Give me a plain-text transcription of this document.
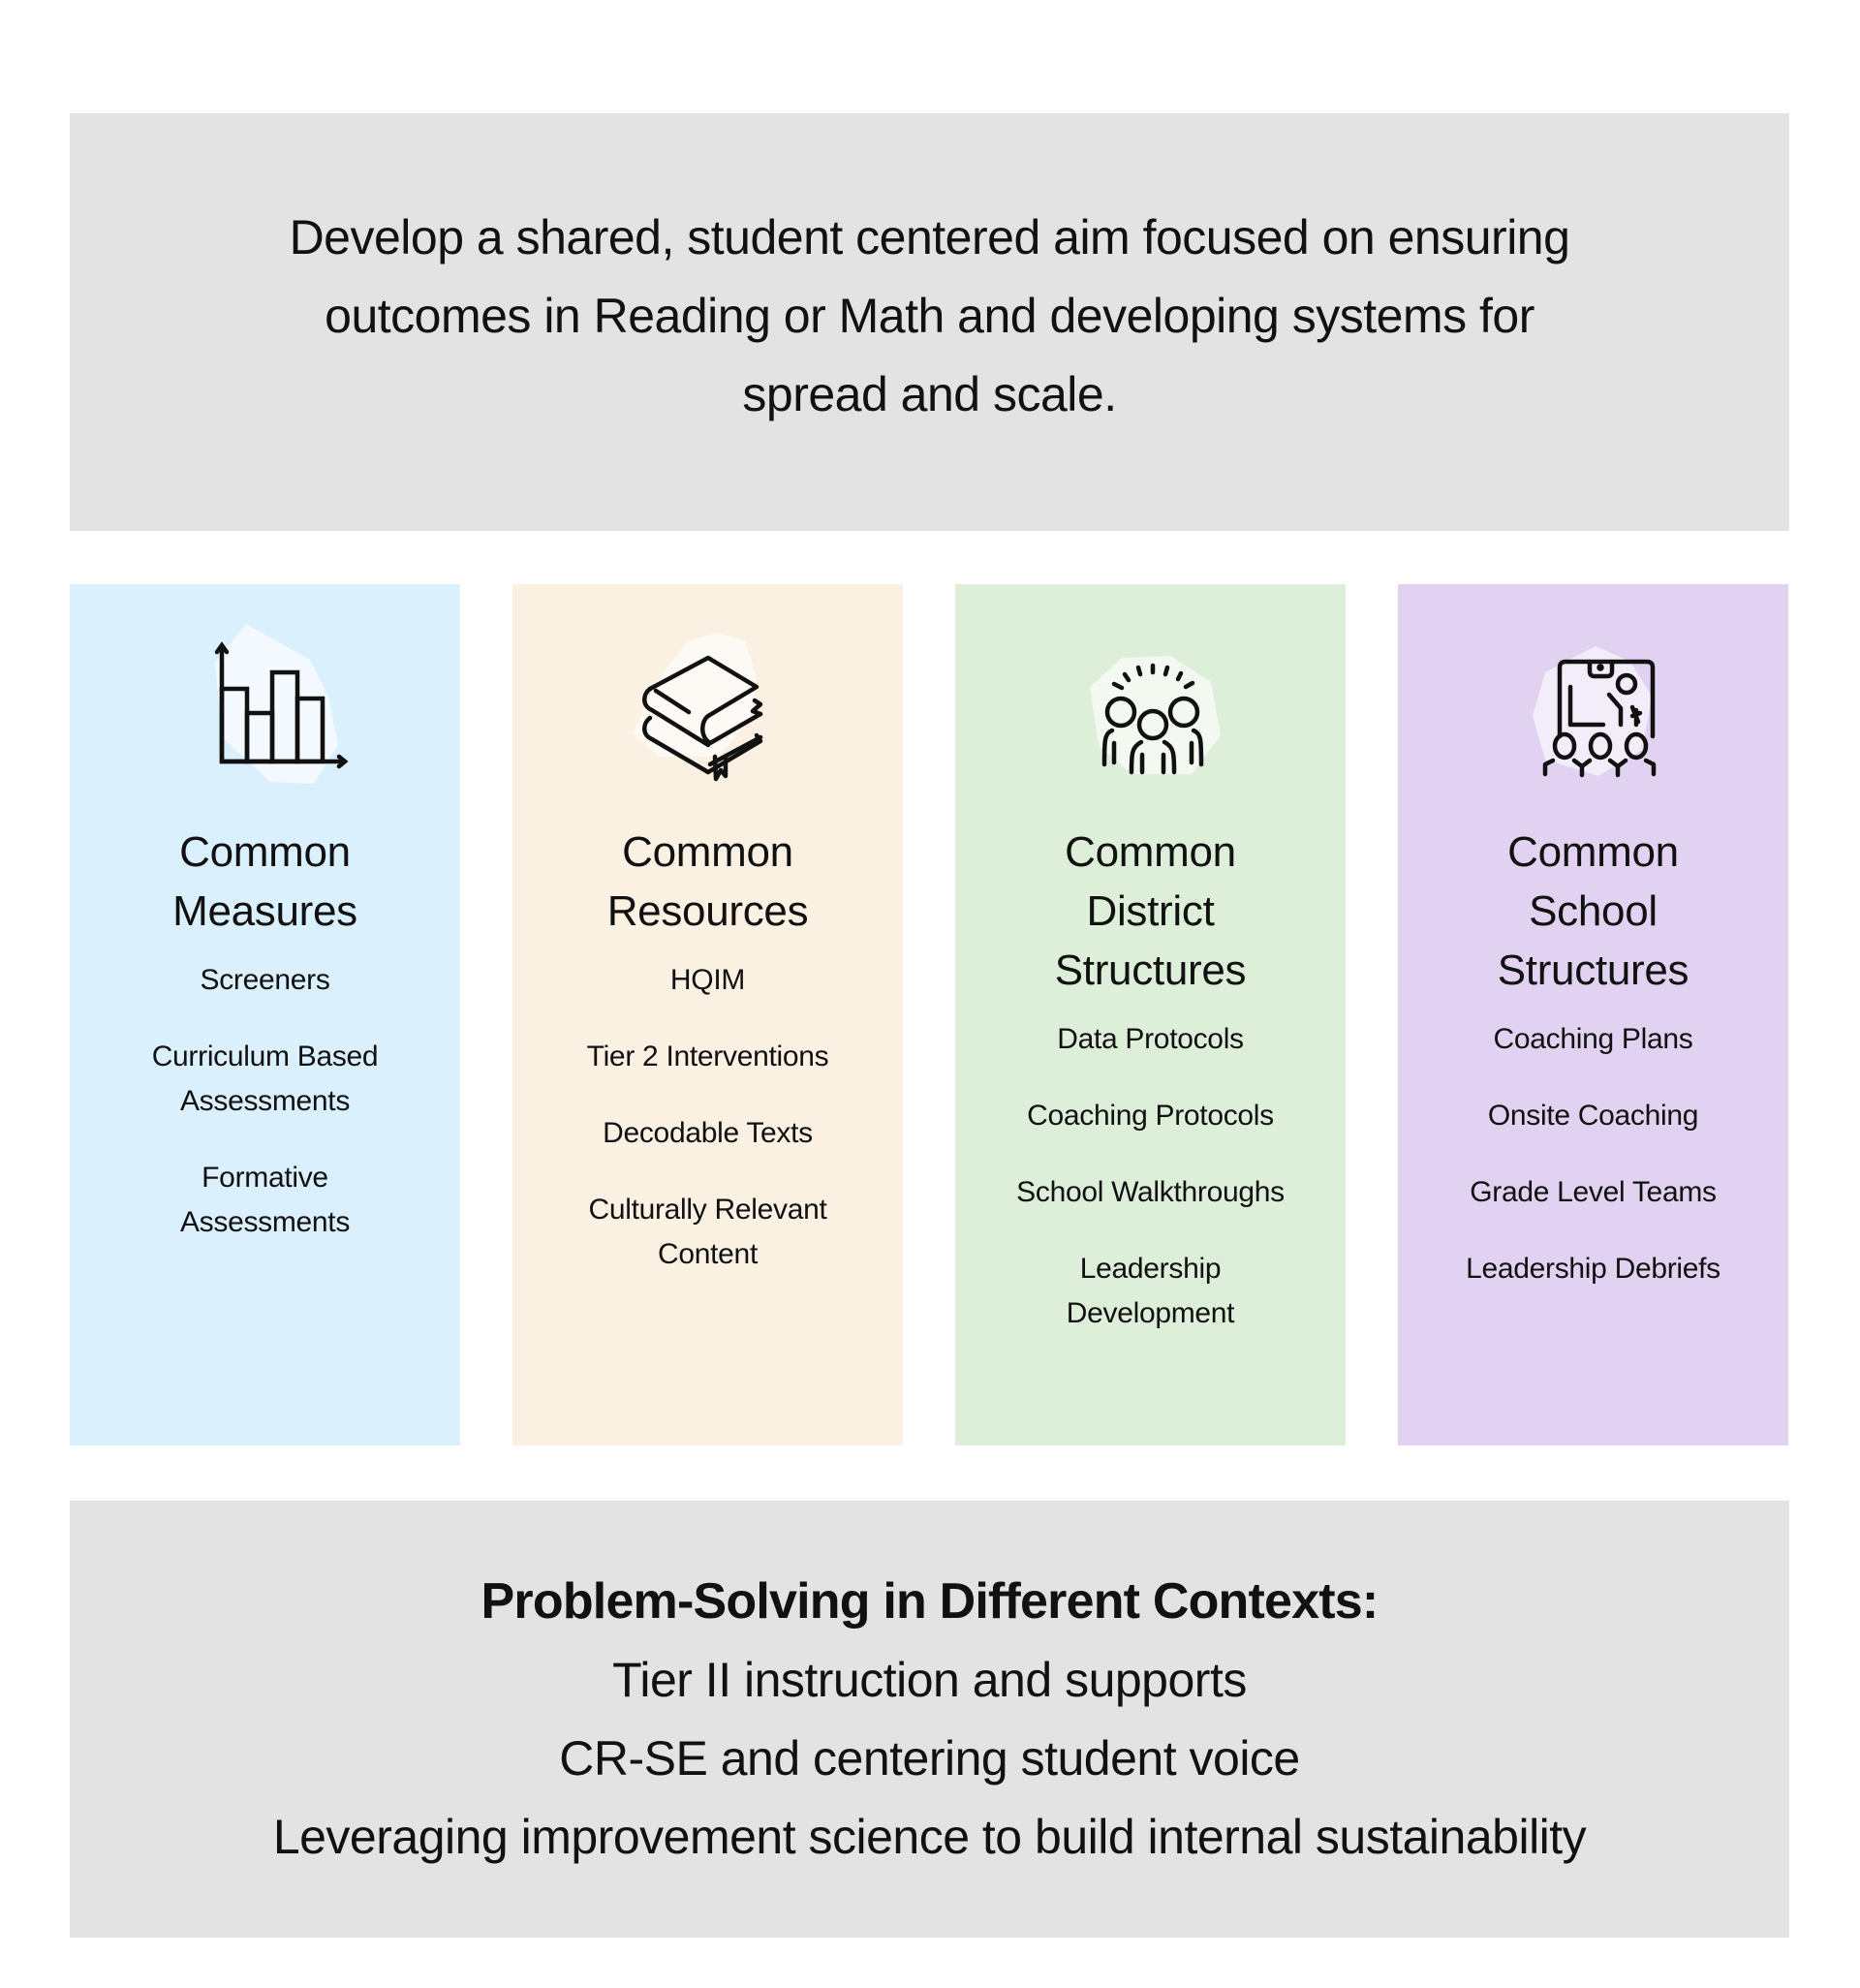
Develop a shared, student centered aim focused on ensuring outcomes in Reading or Math and developing systems for spread and scale.
Common Measures
Screeners
Curriculum Based Assessments
Formative Assessments
Common Resources
HQIM
Tier 2 Interventions
Decodable Texts
Culturally Relevant Content
Common District Structures
Data Protocols
Coaching Protocols
School Walkthroughs
Leadership Development
Common School Structures
Coaching Plans
Onsite Coaching
Grade Level Teams
Leadership Debriefs
Problem-Solving in Different Contexts:
Tier II instruction and supports
CR-SE and centering student voice
Leveraging improvement science to build internal sustainability
